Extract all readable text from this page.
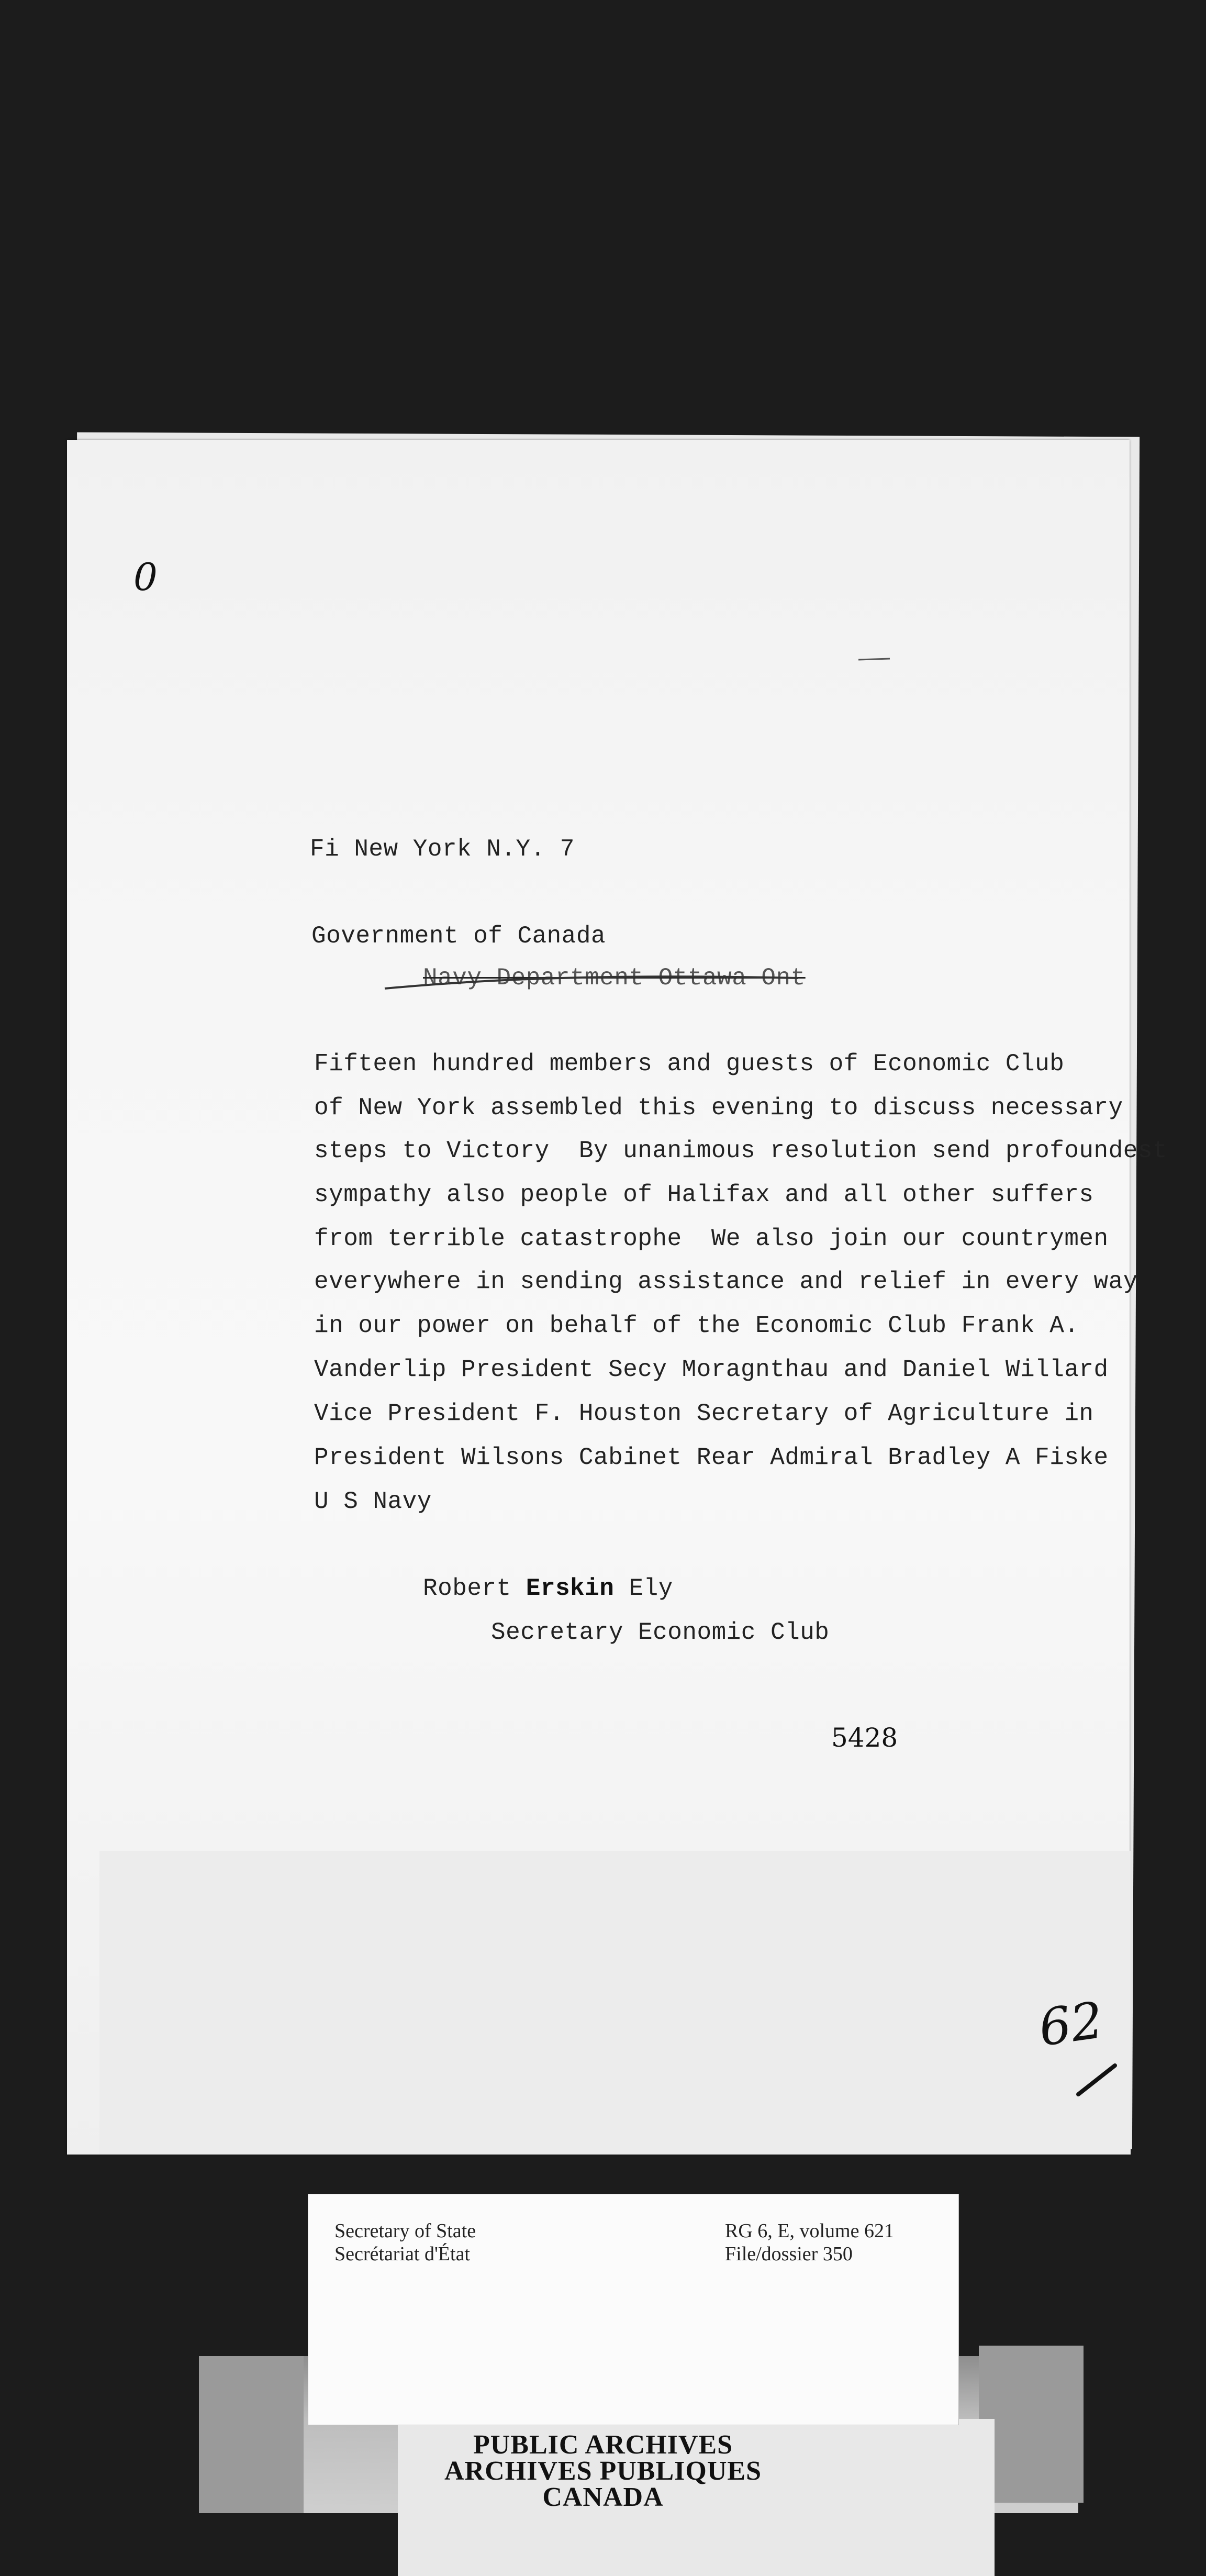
0
62
Fi New York N.Y. 7
Government of Canada
Navy Department Ottawa Ont
Fifteen hundred members and guests of Economic Club
of New York assembled this evening to discuss necessary
steps to Victory  By unanimous resolution send profoundest
sympathy also people of Halifax and all other suffers
from terrible catastrophe  We also join our countrymen
everywhere in sending assistance and relief in every way
in our power on behalf of the Economic Club Frank A.
Vanderlip President Secy Moragnthau and Daniel Willard
Vice President F. Houston Secretary of Agriculture in
President Wilsons Cabinet Rear Admiral Bradley A Fiske
U S Navy
Robert Erskin Ely
Secretary Economic Club
5428
Secretary of State
Secrétariat d'État
RG 6, E, volume 621
File/dossier 350
PUBLIC ARCHIVES
ARCHIVES PUBLIQUES
CANADA
